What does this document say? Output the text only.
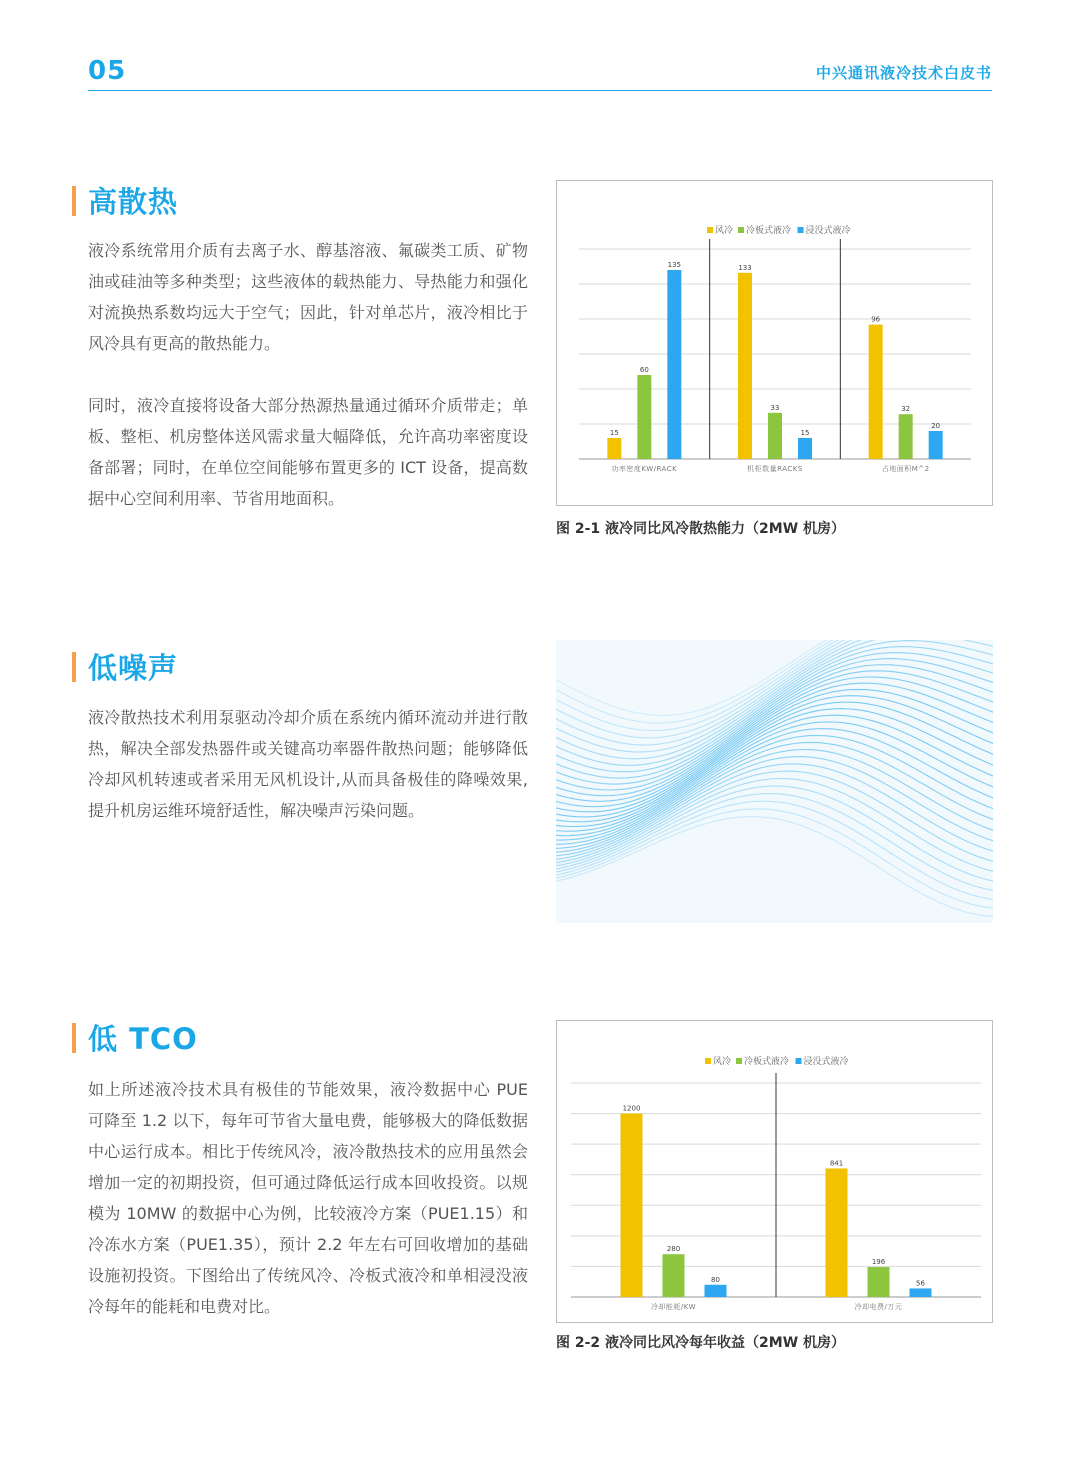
05	中兴通讯液冷技术白皮书
高散热
液冷系统常用介质有去离子水、醇基溶液、氟碳类工质、矿物油或硅油等多种类型；这些液体的载热能力、导热能力和强化对流换热系数均远大于空气；因此，针对单芯片，液冷相比于风冷具有更高的散热能力。
同时，液冷直接将设备大部分热源热量通过循环介质带走；单板、整柜、机房整体送风需求量大幅降低，允许高功率密度设备部署；同时，在单位空间能够布置更多的 ICT 设备，提高数据中心空间利用率、节省用地面积。
风冷 冷板式液冷 浸没式液冷
15
60
135
功率密度KW/RACK
133
33
15
机柜数量RACKS
96
32
20
占地面积M^2
图 2-1 液冷同比风冷散热能力（2MW 机房）
低噪声
液冷散热技术利用泵驱动冷却介质在系统内循环流动并进行散热，解决全部发热器件或关键高功率器件散热问题；能够降低冷却风机转速或者采用无风机设计,从而具备极佳的降噪效果,提升机房运维环境舒适性，解决噪声污染问题。
低 TCO
如上所述液冷技术具有极佳的节能效果，液冷数据中心 PUE 可降至 1.2 以下，每年可节省大量电费，能够极大的降低数据中心运行成本。相比于传统风冷，液冷散热技术的应用虽然会增加一定的初期投资，但可通过降低运行成本回收投资。以规模为 10MW 的数据中心为例，比较液冷方案（PUE1.15）和冷冻水方案（PUE1.35），预计 2.2 年左右可回收增加的基础设施初投资。下图给出了传统风冷、冷板式液冷和单相浸没液冷每年的能耗和电费对比。
风冷 冷板式液冷 浸没式液冷
1200
280
80
冷却能耗/KW
841
196
56
冷却电费/万元
图 2-2 液冷同比风冷每年收益（2MW 机房）
